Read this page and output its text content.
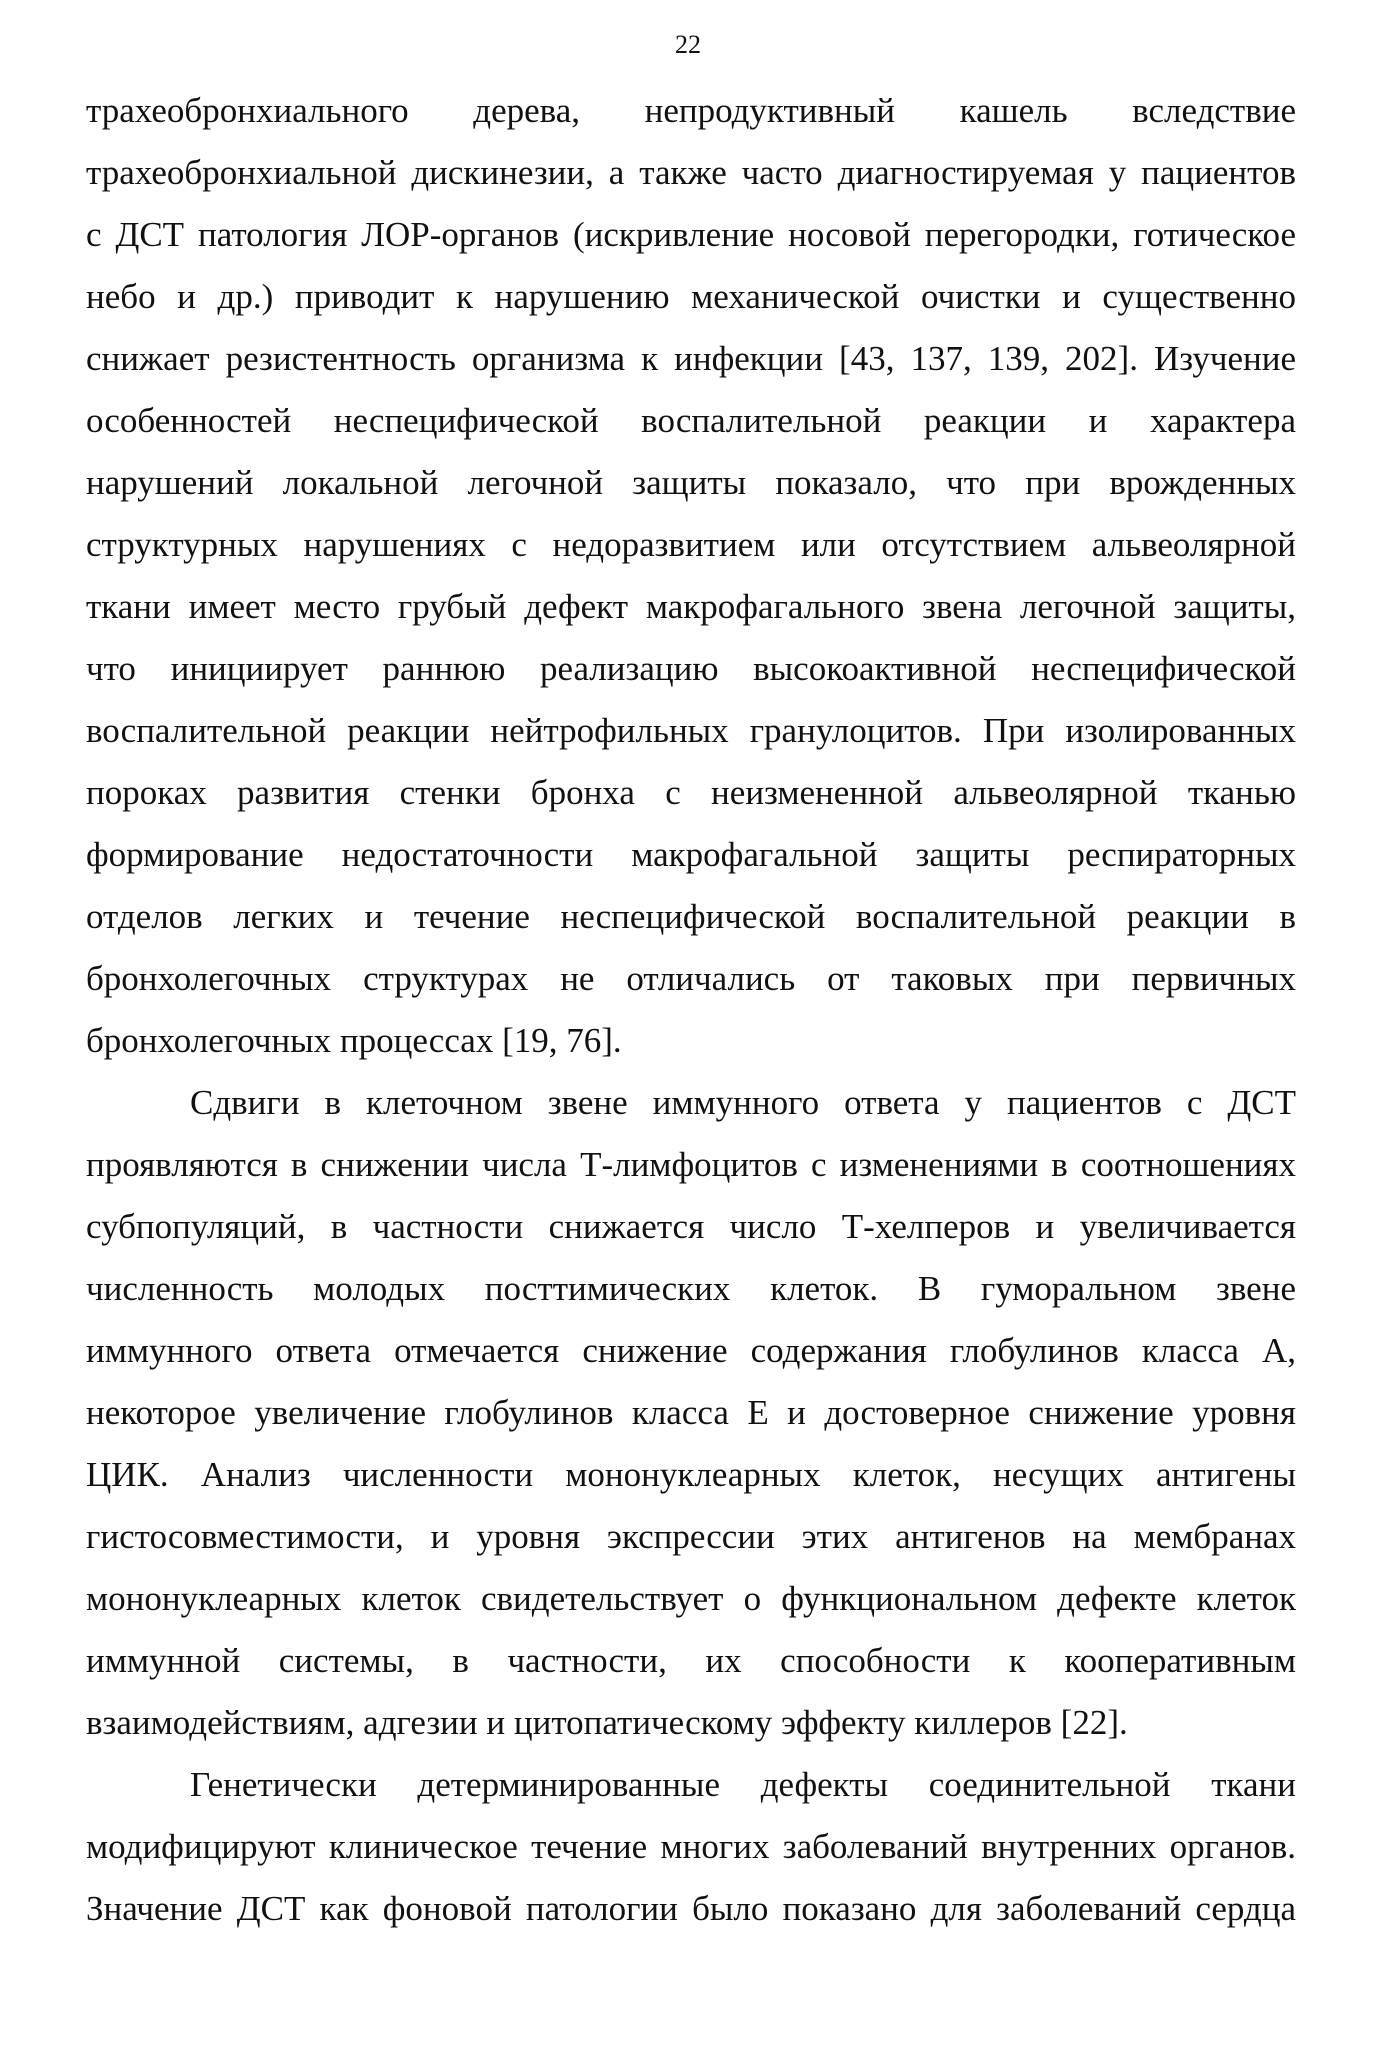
22
трахеобронхиального дерева, непродуктивный кашель вследствие
трахеобронхиальной дискинезии, а также часто диагностируемая у пациентов
с ДСТ патология ЛОР-органов (искривление носовой перегородки, готическое
небо и др.) приводит к нарушению механической очистки и существенно
снижает резистентность организма к инфекции [43, 137, 139, 202]. Изучение
особенностей неспецифической воспалительной реакции и характера
нарушений локальной легочной защиты показало, что при врожденных
структурных нарушениях с недоразвитием или отсутствием альвеолярной
ткани имеет место грубый дефект макрофагального звена легочной защиты,
что инициирует раннюю реализацию высокоактивной неспецифической
воспалительной реакции нейтрофильных гранулоцитов. При изолированных
пороках развития стенки бронха с неизмененной альвеолярной тканью
формирование недостаточности макрофагальной защиты респираторных
отделов легких и течение неспецифической воспалительной реакции в
бронхолегочных структурах не отличались от таковых при первичных
бронхолегочных процессах [19, 76].
Сдвиги в клеточном звене иммунного ответа у пациентов с ДСТ
проявляются в снижении числа Т-лимфоцитов с изменениями в соотношениях
субпопуляций, в частности снижается число Т-хелперов и увеличивается
численность молодых посттимических клеток. В гуморальном звене
иммунного ответа отмечается снижение содержания глобулинов класса А,
некоторое увеличение глобулинов класса Е и достоверное снижение уровня
ЦИК. Анализ численности мононуклеарных клеток, несущих антигены
гистосовместимости, и уровня экспрессии этих антигенов на мембранах
мононуклеарных клеток свидетельствует о функциональном дефекте клеток
иммунной системы, в частности, их способности к кооперативным
взаимодействиям, адгезии и цитопатическому эффекту киллеров [22].
Генетически детерминированные дефекты соединительной ткани
модифицируют клиническое течение многих заболеваний внутренних органов.
Значение ДСТ как фоновой патологии было показано для заболеваний сердца
